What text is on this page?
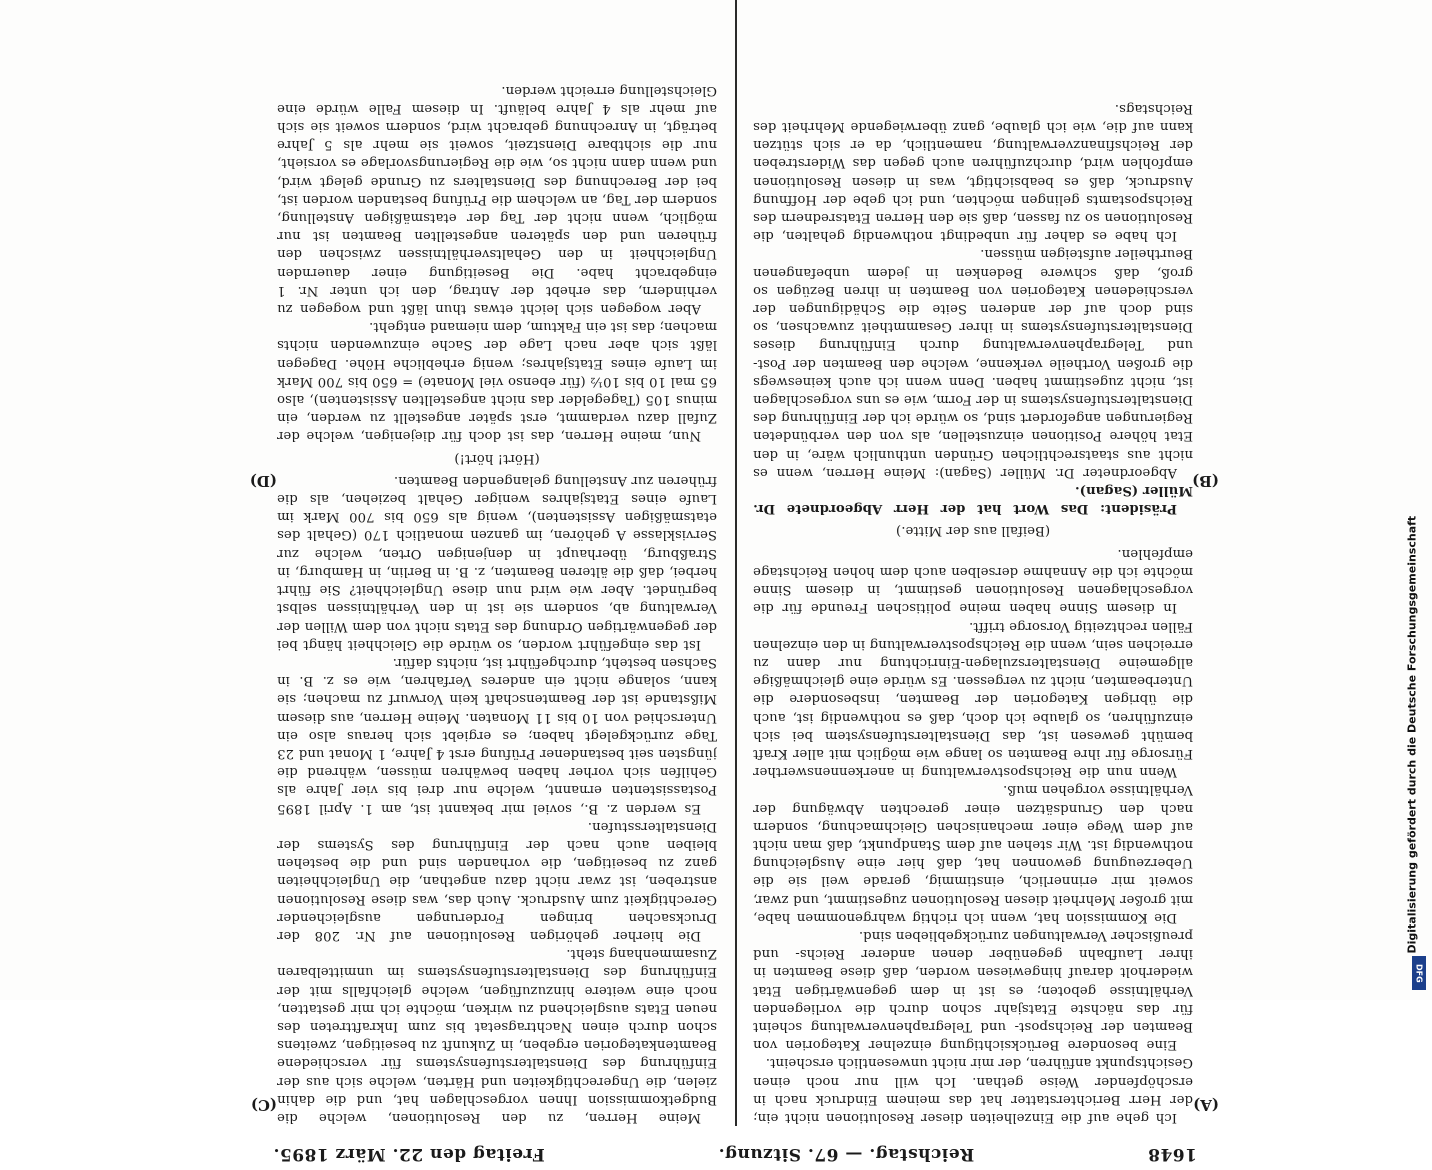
1648
Reichstag. — 67. Sitzung.
Freitag den 22. März 1895.
(A)
(B)
(C)
(D)

Ich gehe auf die Einzelheiten dieser Resolutionen nicht ein; der Herr Berichterstatter hat das meinem Eindruck nach in erschöpfender Weise gethan. Ich will nur noch einen Gesichtspunkt anführen, der mir nicht unwesentlich erscheint.

Eine besondere Berücksichtigung einzelner Kategorien von Beamten der Reichspost- und Telegraphenverwaltung scheint für das nächste Etatsjahr schon durch die vorliegenden Verhältnisse geboten; es ist in dem gegenwärtigen Etat wiederholt darauf hingewiesen worden, daß diese Beamten in ihrer Laufbahn gegenüber denen anderer Reichs- und preußischer Verwaltungen zurückgeblieben sind.

Die Kommission hat, wenn ich richtig wahrgenommen habe, mit großer Mehrheit diesen Resolutionen zugestimmt, und zwar, soweit mir erinnerlich, einstimmig, gerade weil sie die Ueberzeugung gewonnen hat, daß hier eine Ausgleichung nothwendig ist. Wir stehen auf dem Standpunkt, daß man nicht auf dem Wege einer mechanischen Gleichmachung, sondern nach den Grundsätzen einer gerechten Abwägung der Verhältnisse vorgehen muß.

Wenn nun die Reichspostverwaltung in anerkennenswerther Fürsorge für ihre Beamten so lange wie möglich mit aller Kraft bemüht gewesen ist, das Dienstalterstufensystem bei sich einzuführen, so glaube ich doch, daß es nothwendig ist, auch die übrigen Kategorien der Beamten, insbesondere die Unterbeamten, nicht zu vergessen. Es würde eine gleichmäßige allgemeine Dienstalterszulagen-Einrichtung nur dann zu erreichen sein, wenn die Reichspostverwaltung in den einzelnen Fällen rechtzeitig Vorsorge trifft.

In diesem Sinne haben meine politischen Freunde für die vorgeschlagenen Resolutionen gestimmt, in diesem Sinne möchte ich die Annahme derselben auch dem hohen Reichstage empfehlen.

(Beifall aus der Mitte.)

Präsident: Das Wort hat der Herr Abgeordnete Dr. Müller (Sagan).

Abgeordneter Dr. Müller (Sagan): Meine Herren, wenn es nicht aus staatsrechtlichen Gründen unthunlich wäre, in den Etat höhere Positionen einzustellen, als von den verbündeten Regierungen angefordert sind, so würde ich der Einführung des Dienstalterstufensystems in der Form, wie es uns vorgeschlagen ist, nicht zugestimmt haben. Denn wenn ich auch keineswegs die großen Vortheile verkenne, welche den Beamten der Post- und Telegraphenverwaltung durch Einführung dieses Dienstalterstufensystems in ihrer Gesammtheit zuwachsen, so sind doch auf der anderen Seite die Schädigungen der verschiedenen Kategorien von Beamten in ihren Bezügen so groß, daß schwere Bedenken in jedem unbefangenen Beurtheiler aufsteigen müssen.

Ich habe es daher für unbedingt nothwendig gehalten, die Resolutionen so zu fassen, daß sie den Herren Etatsrednern des Reichspostamts gelingen möchten, und ich gebe der Hoffnung Ausdruck, daß es beabsichtigt, was in diesen Resolutionen empfohlen wird, durchzuführen auch gegen das Widerstreben der Reichsfinanzverwaltung, namentlich, da er sich stützen kann auf die, wie ich glaube, ganz überwiegende Mehrheit des Reichstags.

Meine Herren, zu den Resolutionen, welche die Budgetkommission Ihnen vorgeschlagen hat, und die dahin zielen, die Ungerechtigkeiten und Härten, welche sich aus der Einführung des Dienstalterstufensystems für verschiedene Beamtenkategorien ergeben, in Zukunft zu beseitigen, zweitens schon durch einen Nachtragsetat bis zum Inkrafttreten des neuen Etats ausgleichend zu wirken, möchte ich mir gestatten, noch eine weitere hinzuzufügen, welche gleichfalls mit der Einführung des Dienstalterstufensystems im unmittelbaren Zusammenhang steht.

Die hierher gehörigen Resolutionen auf Nr. 208 der Drucksachen bringen Forderungen ausgleichender Gerechtigkeit zum Ausdruck. Auch das, was diese Resolutionen anstreben, ist zwar nicht dazu angethan, die Ungleichheiten ganz zu beseitigen, die vorhanden sind und die bestehen bleiben auch nach der Einführung des Systems der Dienstaltersstufen.

Es werden z. B., soviel mir bekannt ist, am 1. April 1895 Postassistenten ernannt, welche nur drei bis vier Jahre als Gehilfen sich vorher haben bewähren müssen, während die jüngsten seit bestandener Prüfung erst 4 Jahre, 1 Monat und 23 Tage zurückgelegt haben; es ergiebt sich heraus also ein Unterschied von 10 bis 11 Monaten. Meine Herren, aus diesem Mißstande ist der Beamtenschaft kein Vorwurf zu machen; sie kann, solange nicht ein anderes Verfahren, wie es z. B. in Sachsen besteht, durchgeführt ist, nichts dafür.

Ist das eingeführt worden, so würde die Gleichheit hängt bei der gegenwärtigen Ordnung des Etats nicht von dem Willen der Verwaltung ab, sondern sie ist in den Verhältnissen selbst begründet. Aber wie wird nun diese Ungleichheit? Sie führt herbei, daß die älteren Beamten, z. B. in Berlin, in Hamburg, in Straßburg, überhaupt in denjenigen Orten, welche zur Servisklasse A gehören, im ganzen monatlich 170 (Gehalt des etatsmäßigen Assistenten), wenig als 650 bis 700 Mark im Laufe eines Etatsjahres weniger Gehalt beziehen, als die früheren zur Anstellung gelangenden Beamten.

(Hört! hört!)

Nun, meine Herren, das ist doch für diejenigen, welche der Zufall dazu verdammt, erst später angestellt zu werden, ein minus 105 (Tagegelder das nicht angestellten Assistenten), also 65 mal 10 bis 10½ (für ebenso viel Monate) = 650 bis 700 Mark im Laufe eines Etatsjahres; wenig erhebliche Höhe. Dagegen läßt sich aber nach Lage der Sache einzuwenden nichts machen; das ist ein Faktum, dem niemand entgeht.

Aber wogegen sich leicht etwas thun läßt und wogegen zu verhindern, das erhebt der Antrag, den ich unter Nr. 1 eingebracht habe. Die Beseitigung einer dauernden Ungleichheit in den Gehaltsverhältnissen zwischen den früheren und den späteren angestellten Beamten ist nur möglich, wenn nicht der Tag der etatsmäßigen Anstellung, sondern der Tag, an welchem die Prüfung bestanden worden ist, bei der Berechnung des Dienstalters zu Grunde gelegt wird, und wenn dann nicht so, wie die Regierungsvorlage es vorsieht, nur die sichtbare Dienstzeit, soweit sie mehr als 5 Jahre beträgt, in Anrechnung gebracht wird, sondern soweit sie sich auf mehr als 4 Jahre beläuft. In diesem Falle würde eine Gleichstellung erreicht werden.

Digitalisierung gefördert durch die Deutsche Forschungsgemeinschaft
DFG
